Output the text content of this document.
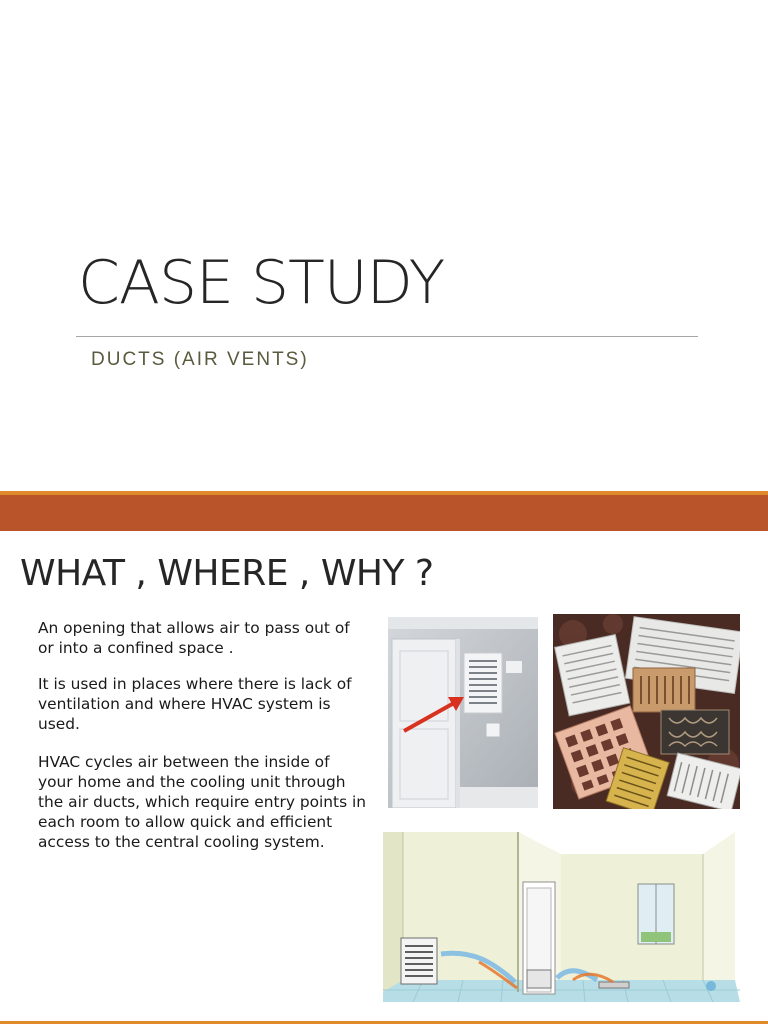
CASE STUDY
DUCTS (AIR VENTS)
WHAT , WHERE , WHY ?

An opening that allows air to pass out of or into a confined space .

It is used in places where there is lack of ventilation and where HVAC system is used.

HVAC cycles air between the inside of your home and the cooling unit through the air ducts, which require entry points in each room to allow quick and efficient access to the central cooling system.
